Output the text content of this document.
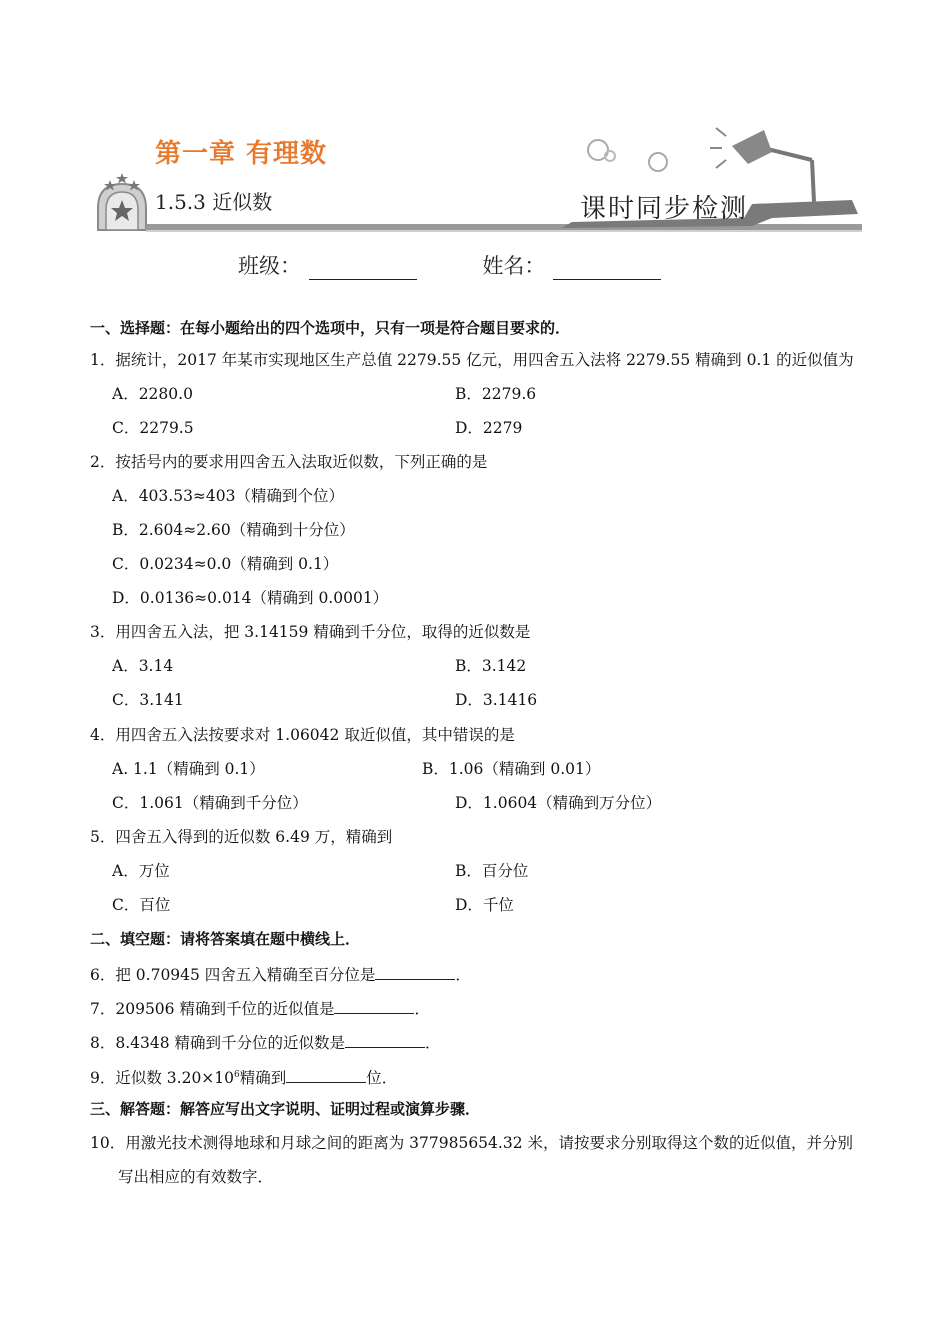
第一章 有理数
1.5.3 近似数	课时同步检测
班级：	姓名：
一、选择题：在每小题给出的四个选项中，只有一项是符合题目要求的．
1．据统计，2017 年某市实现地区生产总值 2279.55 亿元，用四舍五入法将 2279.55 精确到 0.1 的近似值为
A．2280.0	B．2279.6
C．2279.5	D．2279
2．按括号内的要求用四舍五入法取近似数，下列正确的是
A．403.53≈403（精确到个位）
B．2.604≈2.60（精确到十分位）
C．0.0234≈0.0（精确到 0.1）
D．0.0136≈0.014（精确到 0.0001）
3．用四舍五入法，把 3.14159 精确到千分位，取得的近似数是
A．3.14	B．3.142
C．3.141	D．3.1416
4．用四舍五入法按要求对 1.06042 取近似值，其中错误的是
A. 1.1（精确到 0.1）	B．1.06（精确到 0.01）
C．1.061（精确到千分位）	D．1.0604（精确到万分位）
5．四舍五入得到的近似数 6.49 万，精确到
A．万位	B．百分位
C．百位	D．千位
二、填空题：请将答案填在题中横线上．
6．把 0.70945 四舍五入精确至百分位是	．
7．209506 精确到千位的近似值是	．
8．8.4348 精确到千分位的近似数是	．
9．近似数 $3.20\times 10^6$精确到	位．
三、解答题：解答应写出文字说明、证明过程或演算步骤．
10．用激光技术测得地球和月球之间的距离为 377985654.32 米，请按要求分别取得这个数的近似值，并分别
写出相应的有效数字．
